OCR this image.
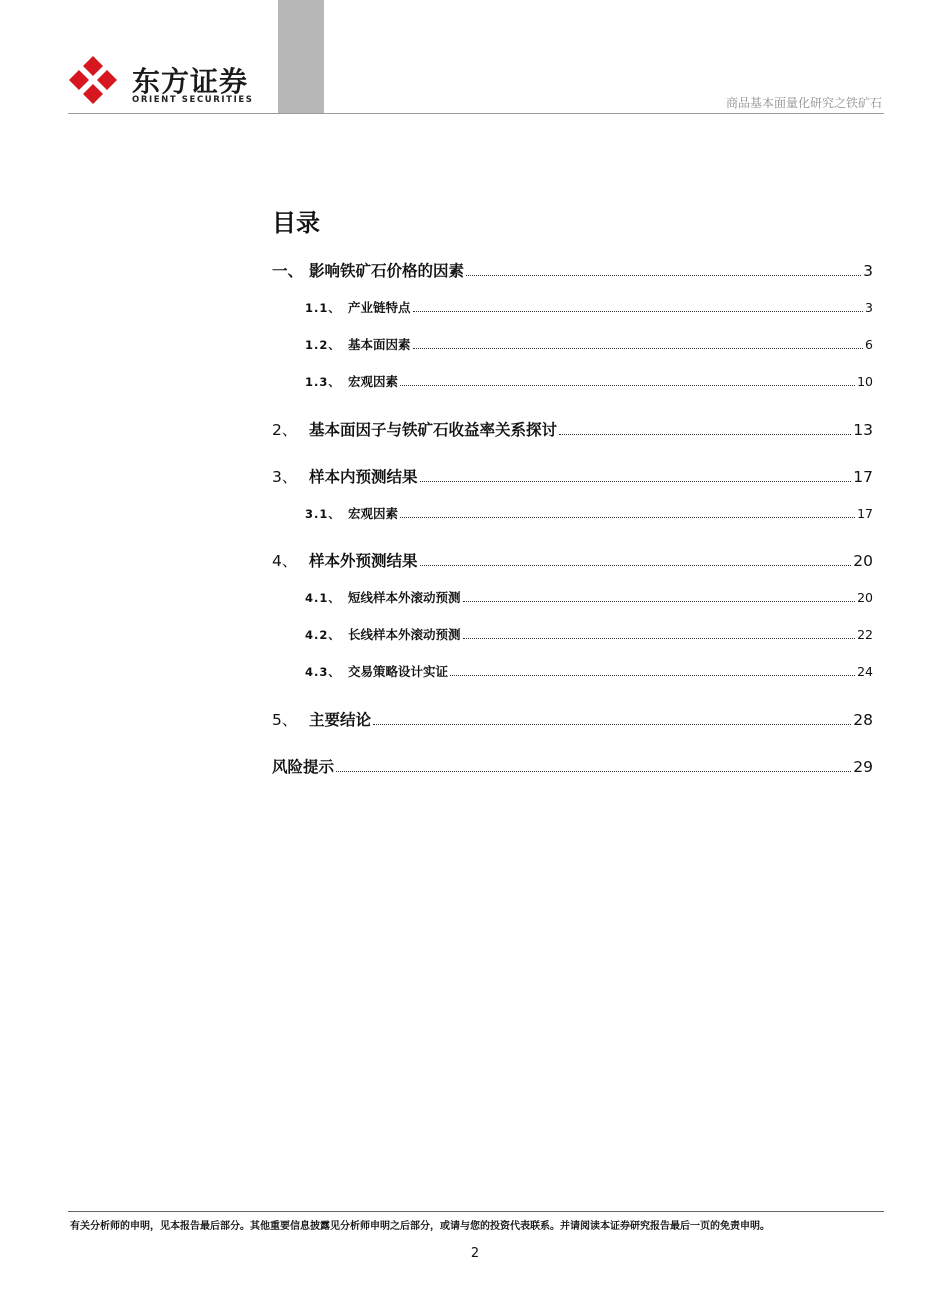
东方证券
ORIENT SECURITIES	商品基本面量化研究之铁矿石
目录
一、 影响铁矿石价格的因素	3
1.1、 产业链特点	3
1.2、 基本面因素	6
1.3、 宏观因素	10
2、 基本面因子与铁矿石收益率关系探讨	13
3、 样本内预测结果	17
3.1、 宏观因素	17
4、 样本外预测结果	20
4.1、 短线样本外滚动预测	20
4.2、 长线样本外滚动预测	22
4.3、 交易策略设计实证	24
5、 主要结论	28
风险提示	29
有关分析师的申明，见本报告最后部分。其他重要信息披露见分析师申明之后部分，或请与您的投资代表联系。并请阅读本证券研究报告最后一页的免责申明。
2
